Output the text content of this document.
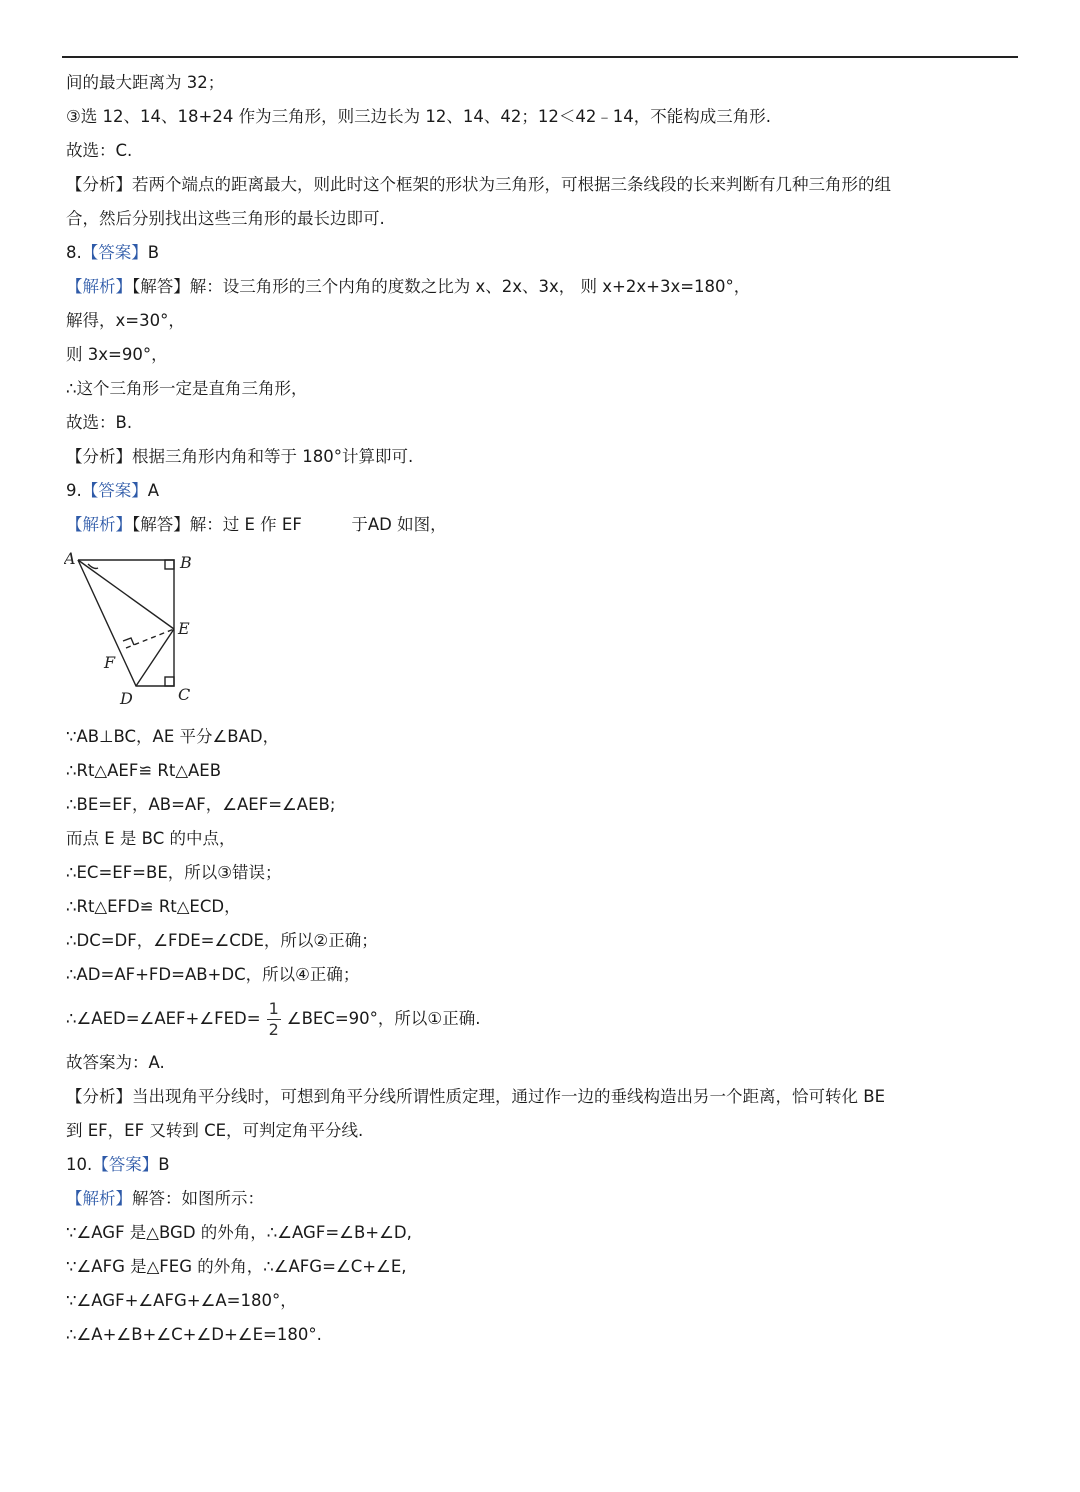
间的最大距离为 32；
③选 12、14、18+24 作为三角形，则三边长为 12、14、42；12＜42﹣14，不能构成三角形.
故选：C.
【分析】若两个端点的距离最大，则此时这个框架的形状为三角形，可根据三条线段的长来判断有几种三角形的组
合，然后分别找出这些三角形的最长边即可.
8.【答案】B
【解析】【解答】解：设三角形的三个内角的度数之比为 x、2x、3x， 则 x+2x+3x=180°，
解得，x=30°，
则 3x=90°，
∴这个三角形一定是直角三角形，
故选：B.
【分析】根据三角形内角和等于 180°计算即可.
9.【答案】A
【解析】【解答】解：过 E 作 EF　　　于AD 如图，
A	B
E
F
D	C
∵AB⊥BC，AE 平分∠BAD，
∴Rt△AEF≌ Rt△AEB
∴BE=EF，AB=AF，∠AEF=∠AEB;
而点 E 是 BC 的中点，
∴EC=EF=BE，所以③错误；
∴Rt△EFD≌ Rt△ECD，
∴DC=DF，∠FDE=∠CDE，所以②正确；
∴AD=AF+FD=AB+DC，所以④正确；
∴∠AED=∠AEF+∠FED= $\frac{1}{2}$ ∠BEC=90°，所以①正确.
故答案为：A.
【分析】当出现角平分线时，可想到角平分线所谓性质定理，通过作一边的垂线构造出另一个距离，恰可转化 BE
到 EF，EF 又转到 CE，可判定角平分线.
10.【答案】B
【解析】解答：如图所示：
∵∠AGF 是△BGD 的外角，∴∠AGF=∠B+∠D,
∵∠AFG 是△FEG 的外角，∴∠AFG=∠C+∠E,
∵∠AGF+∠AFG+∠A=180°，
∴∠A+∠B+∠C+∠D+∠E=180°.
